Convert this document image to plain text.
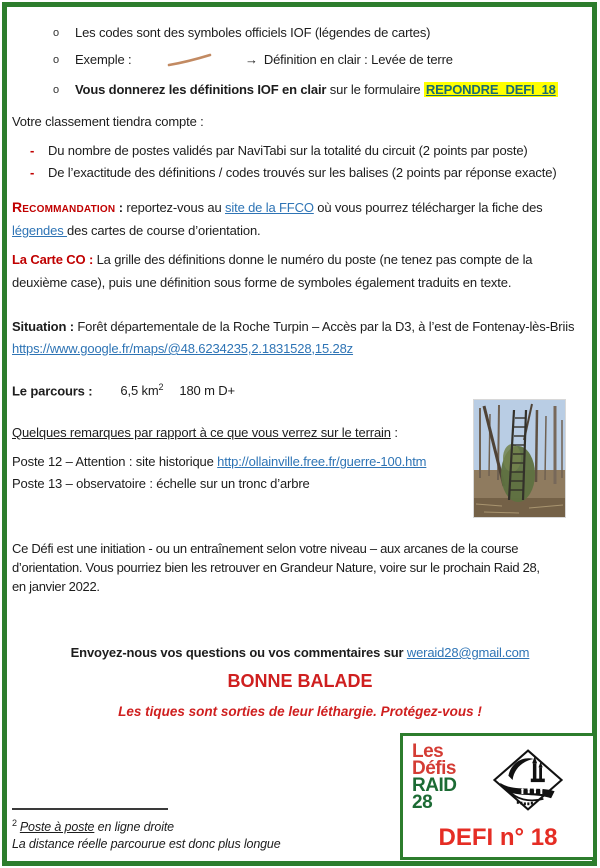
o	Les codes sont des symboles officiels IOF (légendes de cartes)
o	Exemple :	→ Définition en clair : Levée de terre
o	Vous donnerez les définitions IOF en clair sur le formulaire REPONDRE_DEFI_18
Votre classement tiendra compte :
-	Du nombre de postes validés par NaviTabi sur la totalité du circuit (2 points par poste)
-	De l’exactitude des définitions / codes trouvés sur les balises (2 points par réponse exacte)
Recommandation : reportez-vous au site de la FFCO où vous pourrez télécharger la fiche des
légendes des cartes de course d’orientation.
La Carte CO : La grille des définitions donne le numéro du poste (ne tenez pas compte de la
deuxième case), puis une définition sous forme de symboles également traduits en texte.
Situation : Forêt départementale de la Roche Turpin – Accès par la D3, à l’est de Fontenay-lès-Briis
https://www.google.fr/maps/@48.6234235,2.1831528,15.28z
Le parcours : 6,5 $km^2$ 180 m D+
Quelques remarques par rapport à ce que vous verrez sur le terrain :
Poste 12 – Attention : site historique http://ollainville.free.fr/guerre-100.htm
Poste 13 – observatoire : échelle sur un tronc d’arbre
Ce Défi est une initiation - ou un entraînement selon votre niveau – aux arcanes de la course
d’orientation. Vous pourriez bien les retrouver en Grandeur Nature, voire sur le prochain Raid 28,
en janvier 2022.
Envoyez-nous vos questions ou vos commentaires sur weraid28@gmail.com
BONNE BALADE
Les tiques sont sorties de leur léthargie. Protégez-vous !
Les
Défis
RAID
28
DEFI n° 18
$^2$ Poste à poste en ligne droite
La distance réelle parcourue est donc plus longue
